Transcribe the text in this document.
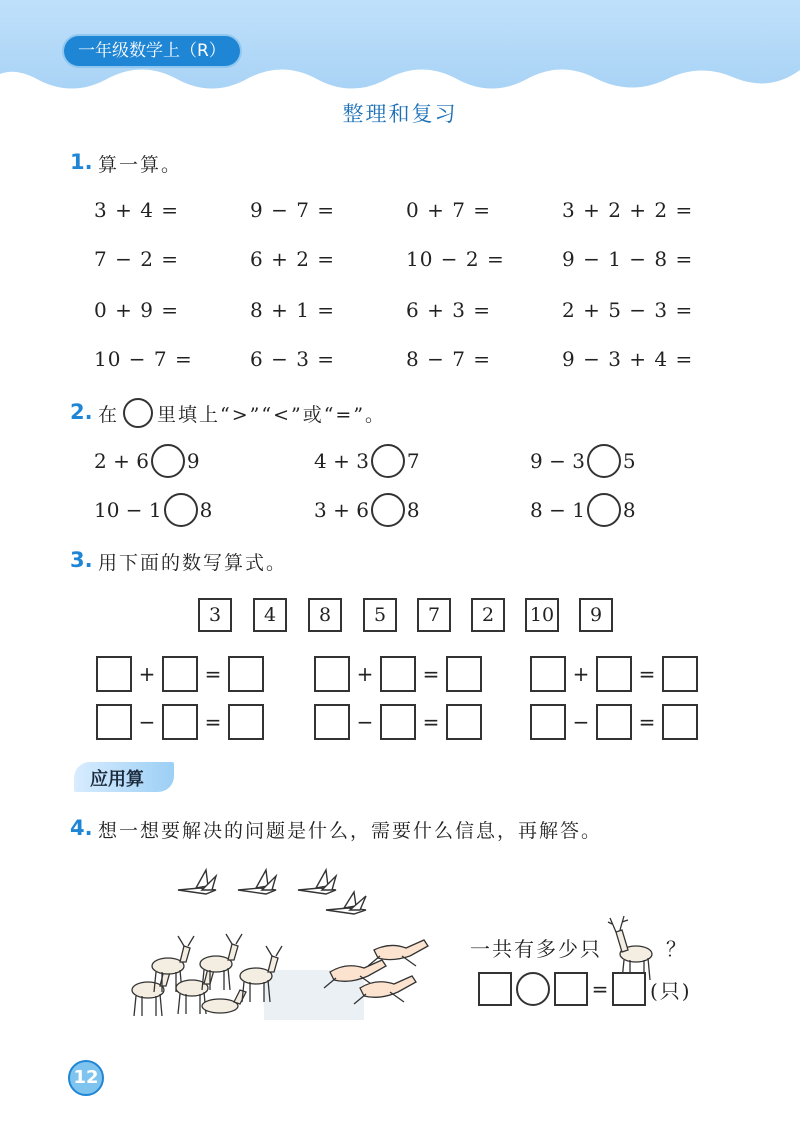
一年级数学上（R）
整理和复习
1. 算一算。
3 + 4 =	9 − 7 =	0 + 7 =	3 + 2 + 2 =
7 − 2 =	6 + 2 =	10 − 2 =	9 − 1 − 8 =
0 + 9 =	8 + 1 =	6 + 3 =	2 + 5 − 3 =
10 − 7 =	6 − 3 =	8 − 7 =	9 − 3 + 4 =
2. 在 里填上“>”“<”或“=”。
2 + 6 9	4 + 3 7	9 − 3 5
10 − 1 8	3 + 6 8	8 − 1 8
3. 用下面的数写算式。
3	4	8	5	7	2	10	9
+	=	+	=	+	=
−	=	−	=	−	=
应用算
4. 想一想要解决的问题是什么，需要什么信息，再解答。
一共有多少只	？
= (只)
12
